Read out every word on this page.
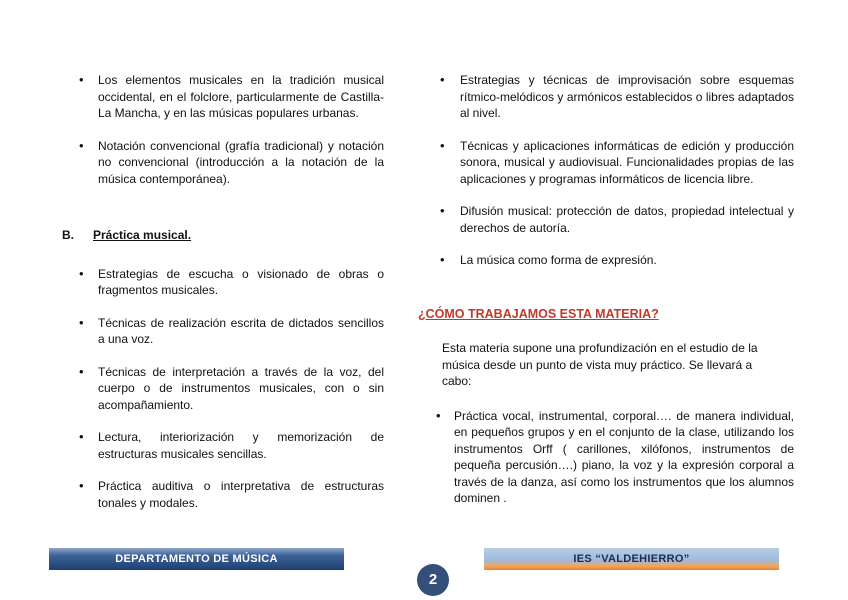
• Los elementos musicales en la tradición musical occidental, en el folclore, particularmente de Castilla-La Mancha, y en las músicas populares urbanas.
• Notación convencional (grafía tradicional) y notación no convencional (introducción a la notación de la música contemporánea).
B. Práctica musical.
• Estrategias de escucha o visionado de obras o fragmentos musicales.
• Técnicas de realización escrita de dictados sencillos a una voz.
• Técnicas de interpretación a través de la voz, del cuerpo o de instrumentos musicales, con o sin acompañamiento.
• Lectura, interiorización y memorización de estructuras musicales sencillas.
• Práctica auditiva o interpretativa de estructuras tonales y modales.
• Estrategias y técnicas de improvisación sobre esquemas rítmico-melódicos y armónicos establecidos o libres adaptados al nivel.
• Técnicas y aplicaciones informáticas de edición y producción sonora, musical y audiovisual. Funcionalidades propias de las aplicaciones y programas informáticos de licencia libre.
• Difusión musical: protección de datos, propiedad intelectual y derechos de autoría.
• La música como forma de expresión.
¿CÓMO TRABAJAMOS ESTA MATERIA?
Esta materia supone una profundización en el estudio de la música desde un punto de vista muy práctico. Se llevará a cabo:
• Práctica vocal, instrumental, corporal…. de manera individual, en pequeños grupos y en el conjunto de la clase, utilizando los instrumentos Orff ( carillones, xilófonos, instrumentos de pequeña percusión….) piano, la voz y la expresión corporal a través de la danza, así como los instrumentos que los alumnos dominen .
DEPARTAMENTO DE MÚSICA	IES “VALDEHIERRO”
2
